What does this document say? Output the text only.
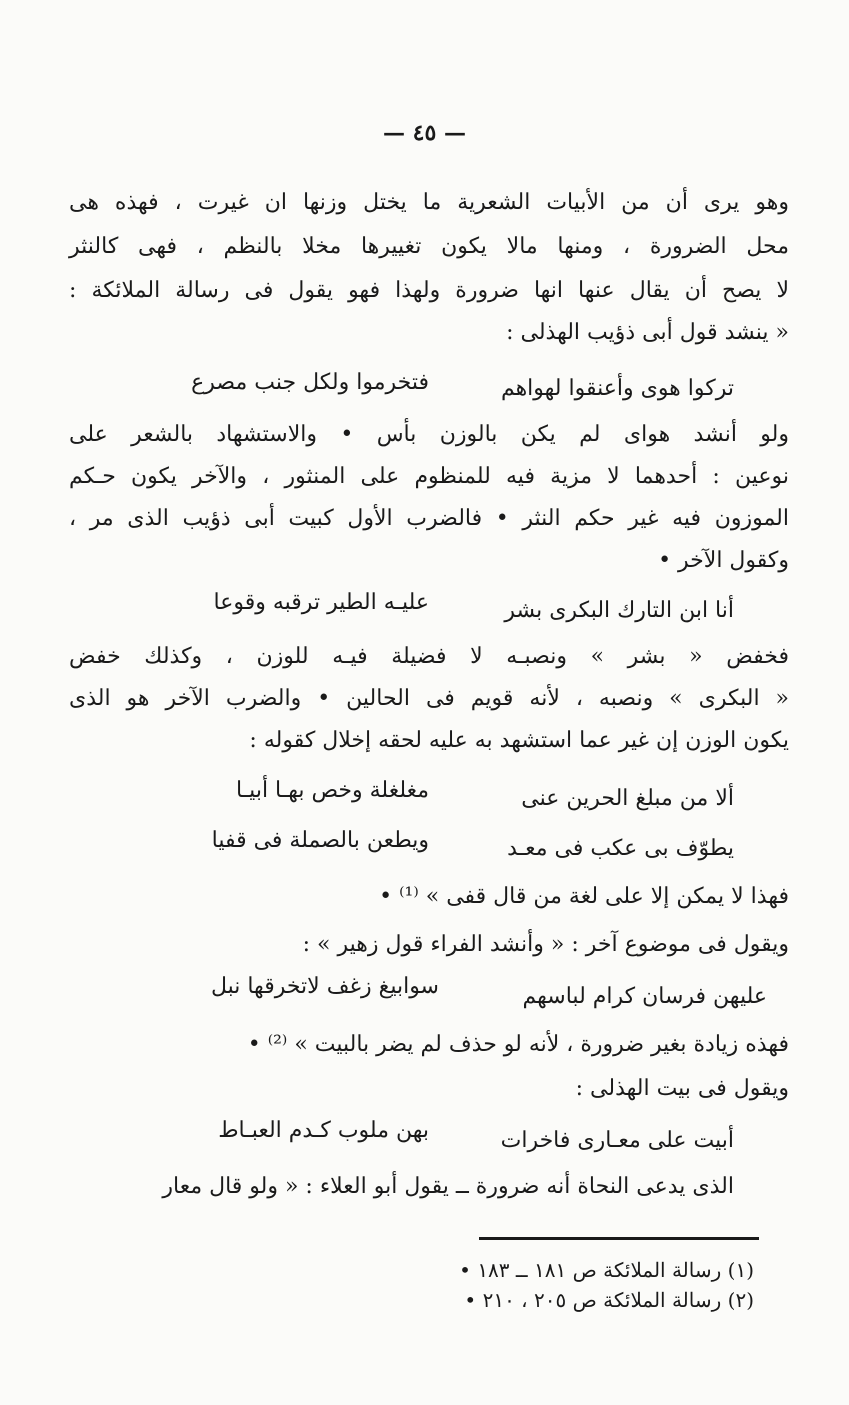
— ٤٥ —
وهو يرى أن من الأبيات الشعرية ما يختل وزنها ان غيرت ، فهذه هى
محل الضرورة ، ومنها مالا يكون تغييرها مخلا بالنظم ، فهى كالنثر
لا يصح أن يقال عنها انها ضرورة ولهذا فهو يقول فى رسالة الملائكة :
« ينشد قول أبى ذؤيب الهذلى :
تركوا هوى وأعنقوا لهواهم
فتخرموا ولكل جنب مصرع
ولو أنشد هواى لم يكن بالوزن بأس • والاستشهاد بالشعر على
نوعين : أحدهما لا مزية فيه للمنظوم على المنثور ، والآخر يكون حـكم
الموزون فيه غير حكم النثر • فالضرب الأول كبيت أبى ذؤيب الذى مر ،
وكقول الآخر •
أنا ابن التارك البكرى بشر
عليـه الطير ترقبه وقوعا
فخفض « بشر » ونصبـه لا فضيلة فيـه للوزن ، وكذلك خفض
« البكرى » ونصبه ، لأنه قويم فى الحالين • والضرب الآخر هو الذى
يكون الوزن إن غير عما استشهد به عليه لحقه إخلال كقوله :
ألا من مبلغ الحرين عنى
مغلغلة وخص بهـا أبيـا
يطوّف بى عكب فى معـد
ويطعن بالصملة فى قفيا
فهذا لا يمكن إلا على لغة من قال قفى » ⁽¹⁾ •
ويقول فى موضوع آخر : « وأنشد الفراء قول زهير » :
عليهن فرسان كرام لباسهم
سوابيغ زغف لاتخرقها نبل
فهذه زيادة بغير ضرورة ، لأنه لو حذف لم يضر بالبيت » ⁽²⁾ •
ويقول فى بيت الهذلى :
أبيت على معـارى فاخرات
بهن ملوب كـدم العبـاط
الذى يدعى النحاة أنه ضرورة ــ يقول أبو العلاء : « ولو قال معار
(١) رسالة الملائكة ص ١٨١ ــ ١٨٣ •
(٢) رسالة الملائكة ص ٢٠٥ ، ٢١٠ •
